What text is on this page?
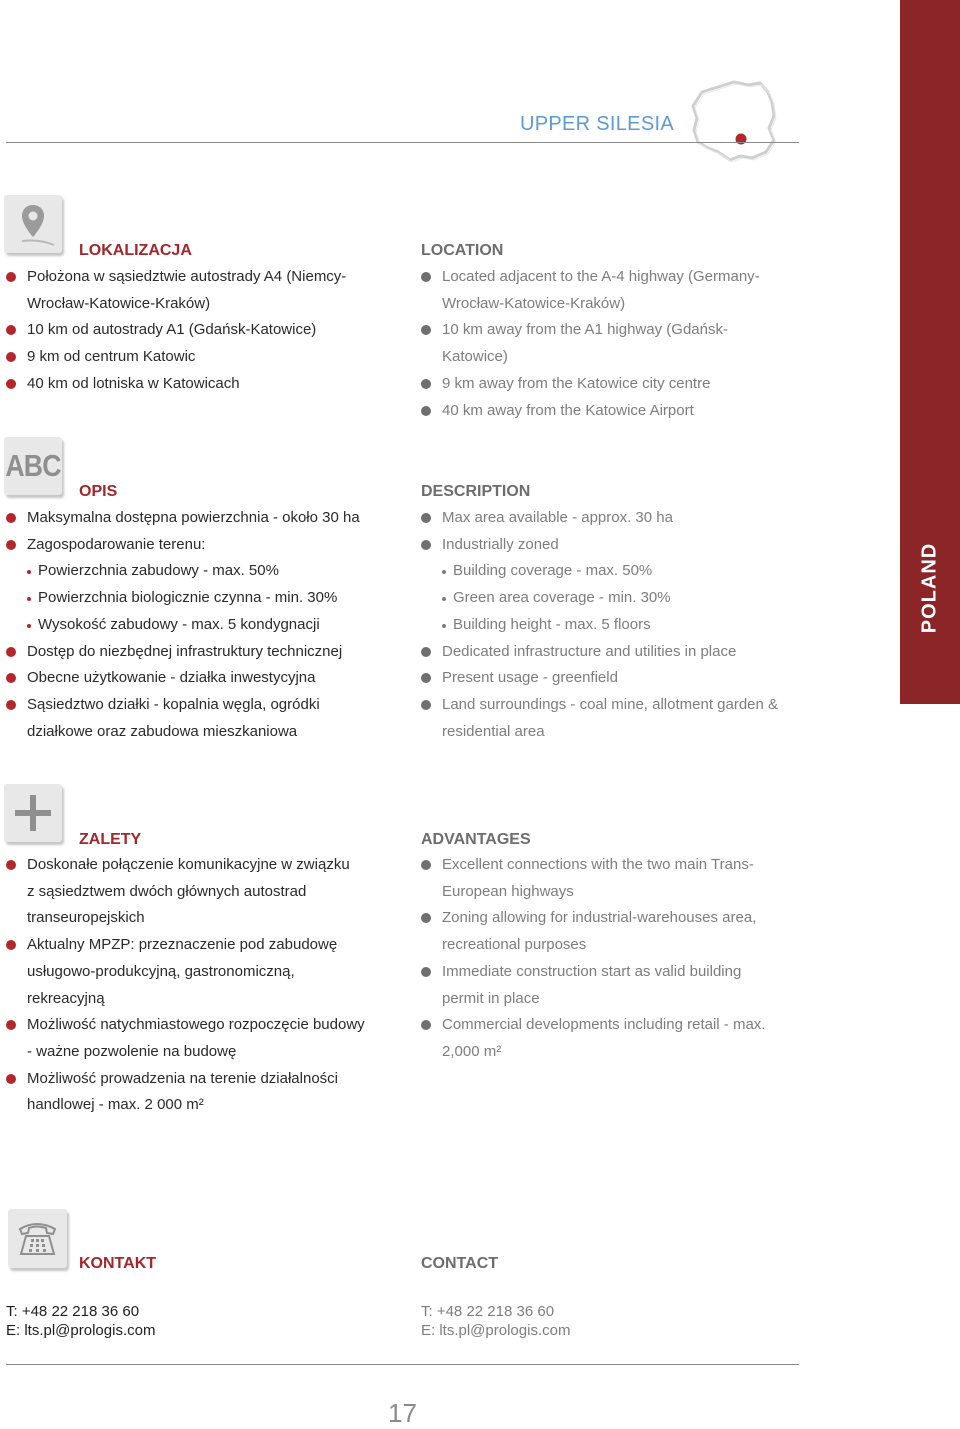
UPPER SILESIA
POLAND
LOKALIZACJA	LOCATION
Położona w sąsiedztwie autostrady A4 (Niemcy-
Wrocław-Katowice-Kraków)
10 km od autostrady A1 (Gdańsk-Katowice)
9 km od centrum Katowic
40 km od lotniska w Katowicach
Located adjacent to the A-4 highway (Germany-
Wrocław-Katowice-Kraków)
10 km away from the A1 highway (Gdańsk-
Katowice)
9 km away from the Katowice city centre
40 km away from the Katowice Airport
ABC
OPIS	DESCRIPTION
Maksymalna dostępna powierzchnia - około 30 ha
Zagospodarowanie terenu:
Powierzchnia zabudowy - max. 50%
Powierzchnia biologicznie czynna - min. 30%
Wysokość zabudowy - max. 5 kondygnacji
Dostęp do niezbędnej infrastruktury technicznej
Obecne użytkowanie - działka inwestycyjna
Sąsiedztwo działki - kopalnia węgla, ogródki
działkowe oraz zabudowa mieszkaniowa
Max area available - approx. 30 ha
Industrially zoned
Building coverage - max. 50%
Green area coverage - min. 30%
Building height - max. 5 floors
Dedicated infrastructure and utilities in place
Present usage - greenfield
Land surroundings - coal mine, allotment garden &
residential area
ZALETY	ADVANTAGES
Doskonałe połączenie komunikacyjne w związku
z sąsiedztwem dwóch głównych autostrad
transeuropejskich
Aktualny MPZP: przeznaczenie pod zabudowę
usługowo-produkcyjną, gastronomiczną,
rekreacyjną
Możliwość natychmiastowego rozpoczęcie budowy
- ważne pozwolenie na budowę
Możliwość prowadzenia na terenie działalności
handlowej - max. 2 000 m²
Excellent connections with the two main Trans-
European highways
Zoning allowing for industrial-warehouses area,
recreational purposes
Immediate construction start as valid building
permit in place
Commercial developments including retail - max.
2,000 m²
KONTAKT	CONTACT
T: +48 22 218 36 60
E: lts.pl@prologis.com
T: +48 22 218 36 60
E: lts.pl@prologis.com
17
